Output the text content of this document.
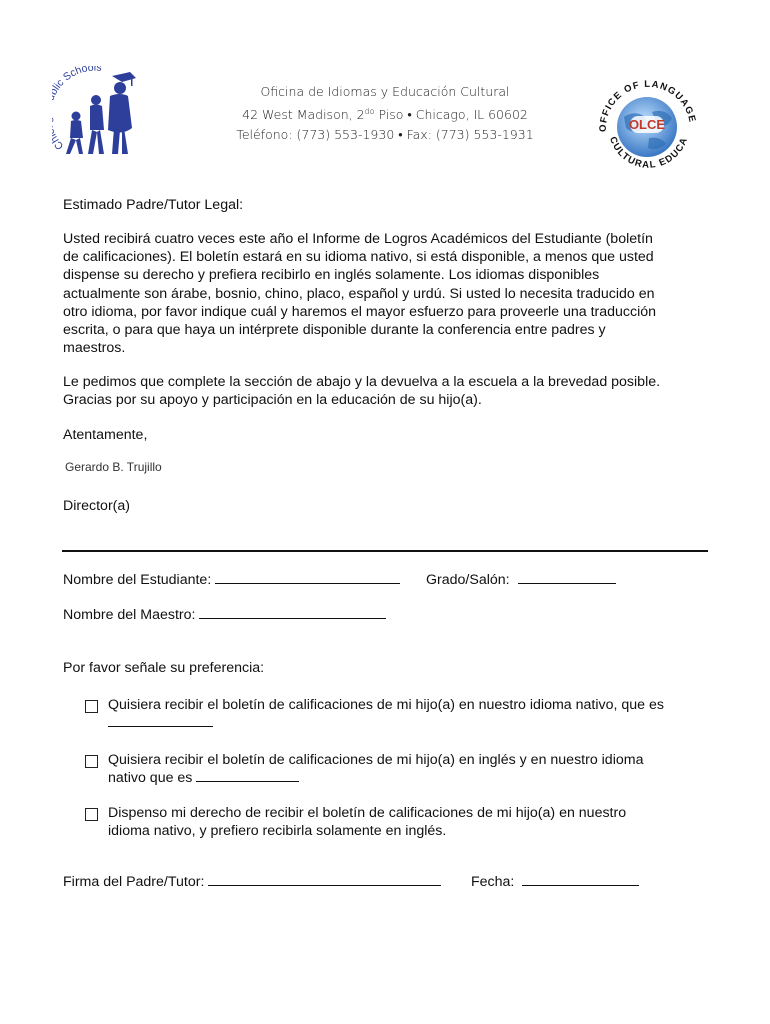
C ic Schools
Oficina de Idiomas y Educación Cultural
42 West Madison, $2^{do}$ Piso • Chicago, IL 60602
Teléfono: (773) 553-1930 • Fax: (773) 553-1931	OFFICE OF LANGUAGE
CULTURAL EDUCA
OLCE
Estimado Padre/Tutor Legal:
Usted recibirá cuatro veces este año el Informe de Logros Académicos del Estudiante (boletín
de calificaciones). El boletín estará en su idioma nativo, si está disponible, a menos que usted
dispense su derecho y prefiera recibirlo en inglés solamente. Los idiomas disponibles
actualmente son árabe, bosnio, chino, placo, español y urdú. Si usted lo necesita traducido en
otro idioma, por favor indique cuál y haremos el mayor esfuerzo para proveerle una traducción
escrita, o para que haya un intérprete disponible durante la conferencia entre padres y
maestros.
Le pedimos que complete la sección de abajo y la devuelva a la escuela a la brevedad posible.
Gracias por su apoyo y participación en la educación de su hijo(a).
Atentamente,
Gerardo B. Trujillo
Director(a)
Nombre del Estudiante:	Grado/Salón:
Nombre del Maestro:
Por favor señale su preferencia:
Quisiera recibir el boletín de calificaciones de mi hijo(a) en nuestro idioma nativo, que es
Quisiera recibir el boletín de calificaciones de mi hijo(a) en inglés y en nuestro idioma
nativo que es
Dispenso mi derecho de recibir el boletín de calificaciones de mi hijo(a) en nuestro
idioma nativo, y prefiero recibirla solamente en inglés.
Firma del Padre/Tutor:	Fecha:
